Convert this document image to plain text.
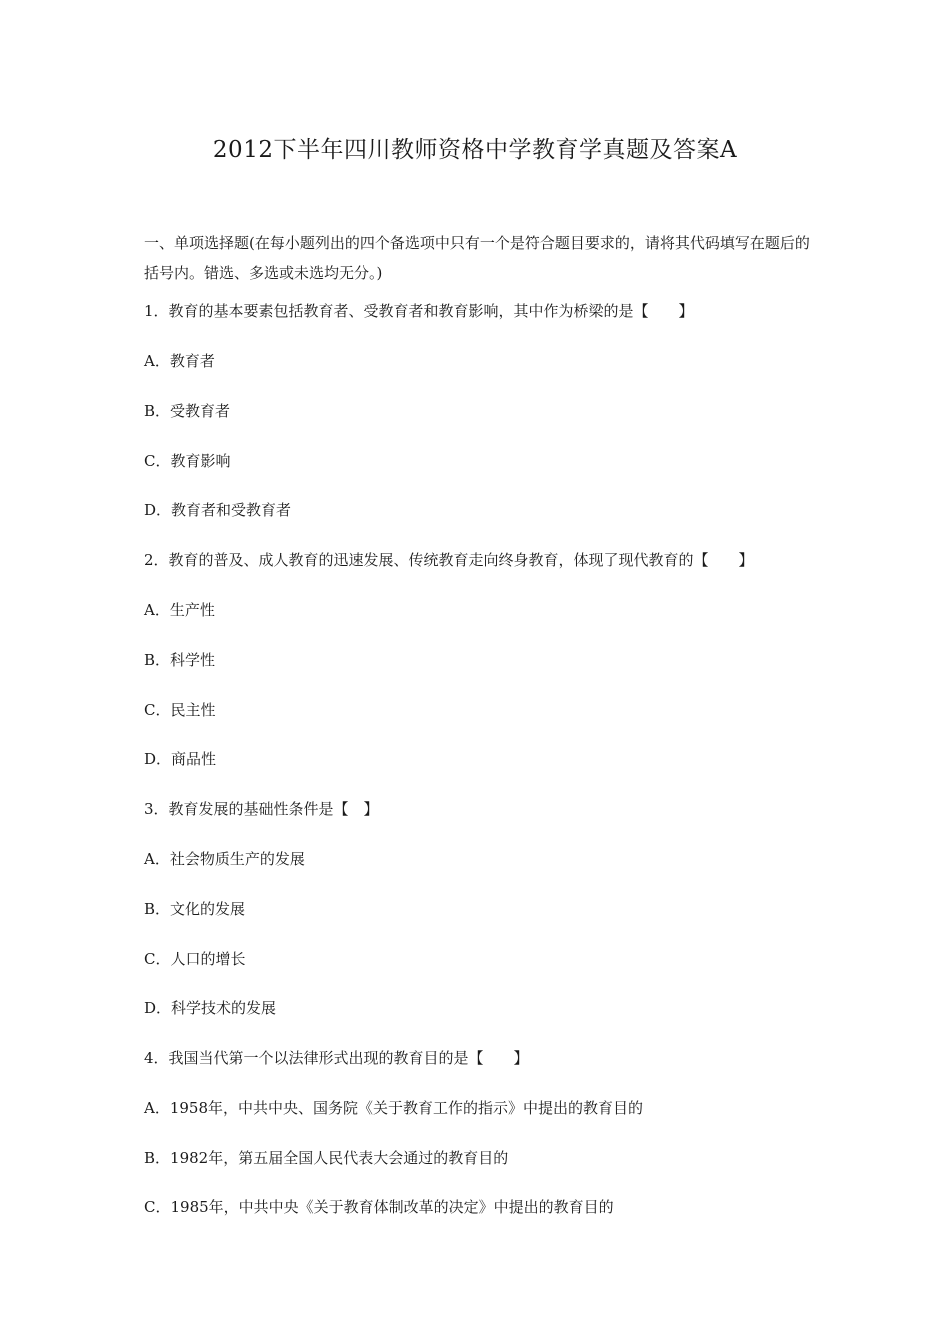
2012下半年四川教师资格中学教育学真题及答案A
一、单项选择题(在每小题列出的四个备选项中只有一个是符合题目要求的，请将其代码填写在题后的括号内。错选、多选或未选均无分。)
1．教育的基本要素包括教育者、受教育者和教育影响，其中作为桥梁的是【　　】
A．教育者
B．受教育者
C．教育影响
D．教育者和受教育者
2．教育的普及、成人教育的迅速发展、传统教育走向终身教育，体现了现代教育的【　　】
A．生产性
B．科学性
C．民主性
D．商品性
3．教育发展的基础性条件是【　】
A．社会物质生产的发展
B．文化的发展
C．人口的增长
D．科学技术的发展
4．我国当代第一个以法律形式出现的教育目的是【　　】
A．1958年，中共中央、国务院《关于教育工作的指示》中提出的教育目的
B．1982年，第五届全国人民代表大会通过的教育目的
C．1985年，中共中央《关于教育体制改革的决定》中提出的教育目的
